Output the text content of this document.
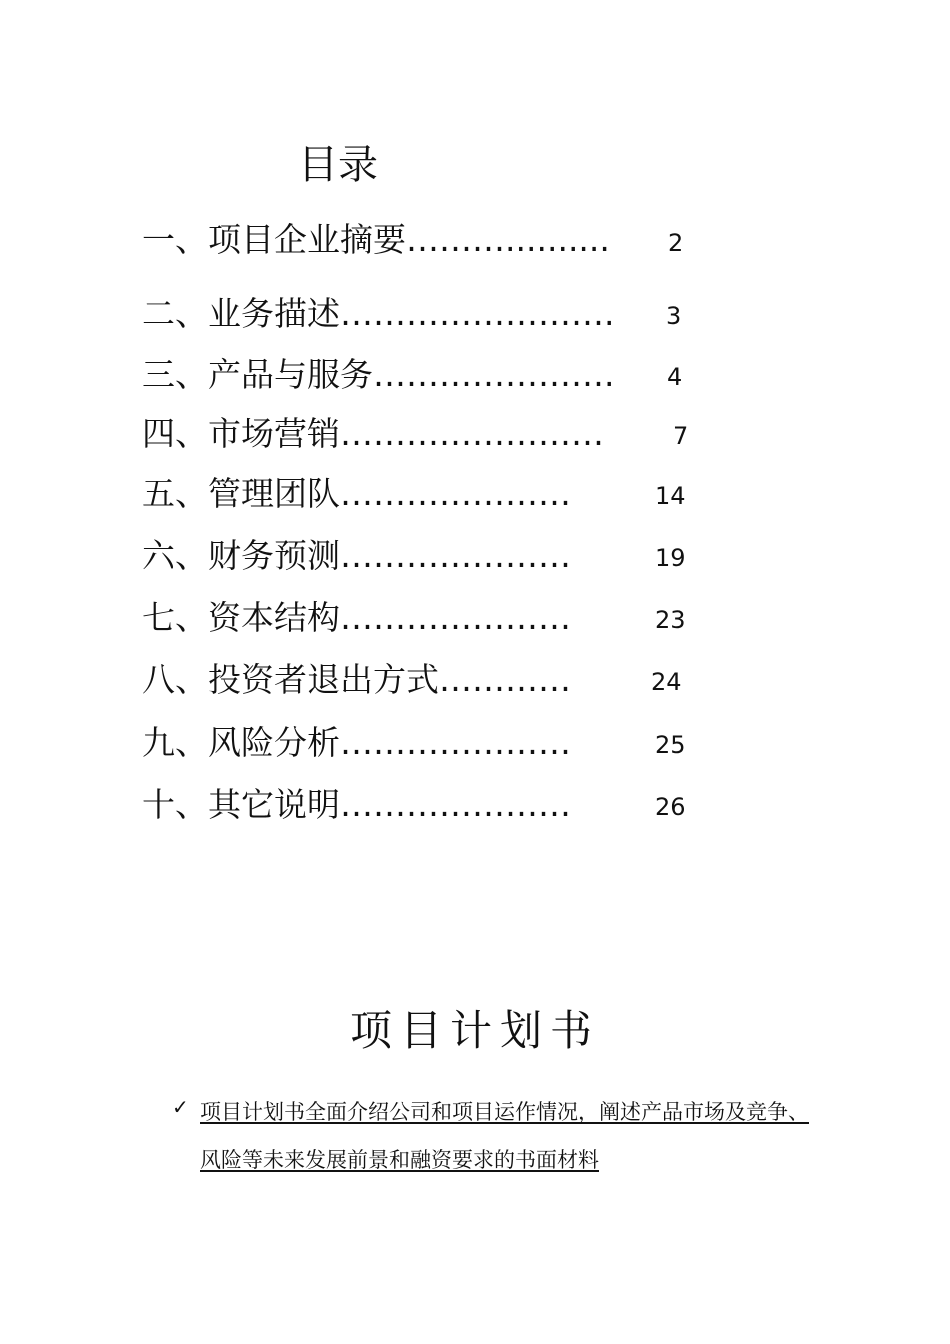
目录
一、项目企业摘要……….......... 2
二、业务描述……………………. 3
三、产品与服务…………………. 4
四、市场营销……………………	7
五、管理团队…………………	14
六、财务预测…………………	19
七、资本结构…………………	23
八、投资者退出方式…………	24
九、风险分析…………………	25
十、其它说明…………………	26
项目计划书
✓ 项目计划书全面介绍公司和项目运作情况，阐述产品市场及竞争、风险等未来发展前景和融资要求的书面材料
